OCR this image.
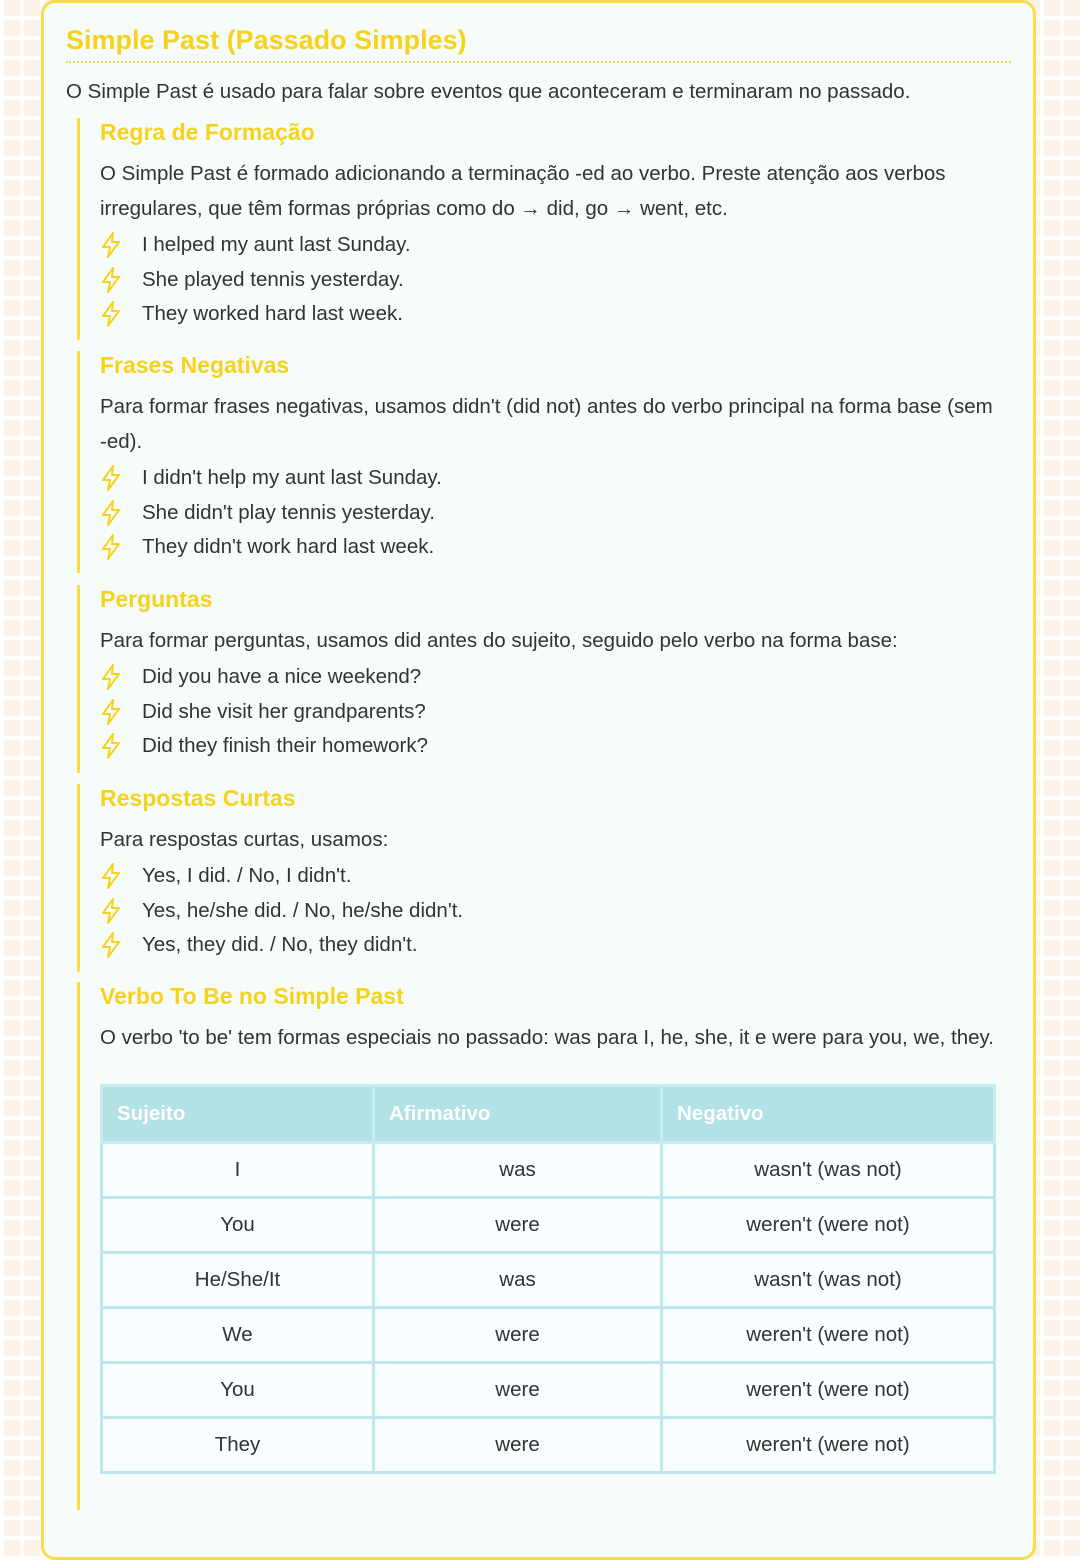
Simple Past (Passado Simples)

O Simple Past é usado para falar sobre eventos que aconteceram e terminaram no passado.

Regra de Formação

O Simple Past é formado adicionando a terminação -ed ao verbo. Preste atenção aos verbos irregulares, que têm formas próprias como do → did, go → went, etc.

I helped my aunt last Sunday.
She played tennis yesterday.
They worked hard last week.
Frases Negativas

Para formar frases negativas, usamos didn't (did not) antes do verbo principal na forma base (sem -ed).

I didn't help my aunt last Sunday.
She didn't play tennis yesterday.
They didn't work hard last week.
Perguntas

Para formar perguntas, usamos did antes do sujeito, seguido pelo verbo na forma base:

Did you have a nice weekend?
Did she visit her grandparents?
Did they finish their homework?
Respostas Curtas

Para respostas curtas, usamos:

Yes, I did. / No, I didn't.
Yes, he/she did. / No, he/she didn't.
Yes, they did. / No, they didn't.
Verbo To Be no Simple Past

O verbo 'to be' tem formas especiais no passado: was para I, he, she, it e were para you, we, they.

Sujeito	Afirmativo	Negativo
I	was	wasn't (was not)
You	were	weren't (were not)
He/She/It	was	wasn't (was not)
We	were	weren't (were not)
You	were	weren't (were not)
They	were	weren't (were not)
